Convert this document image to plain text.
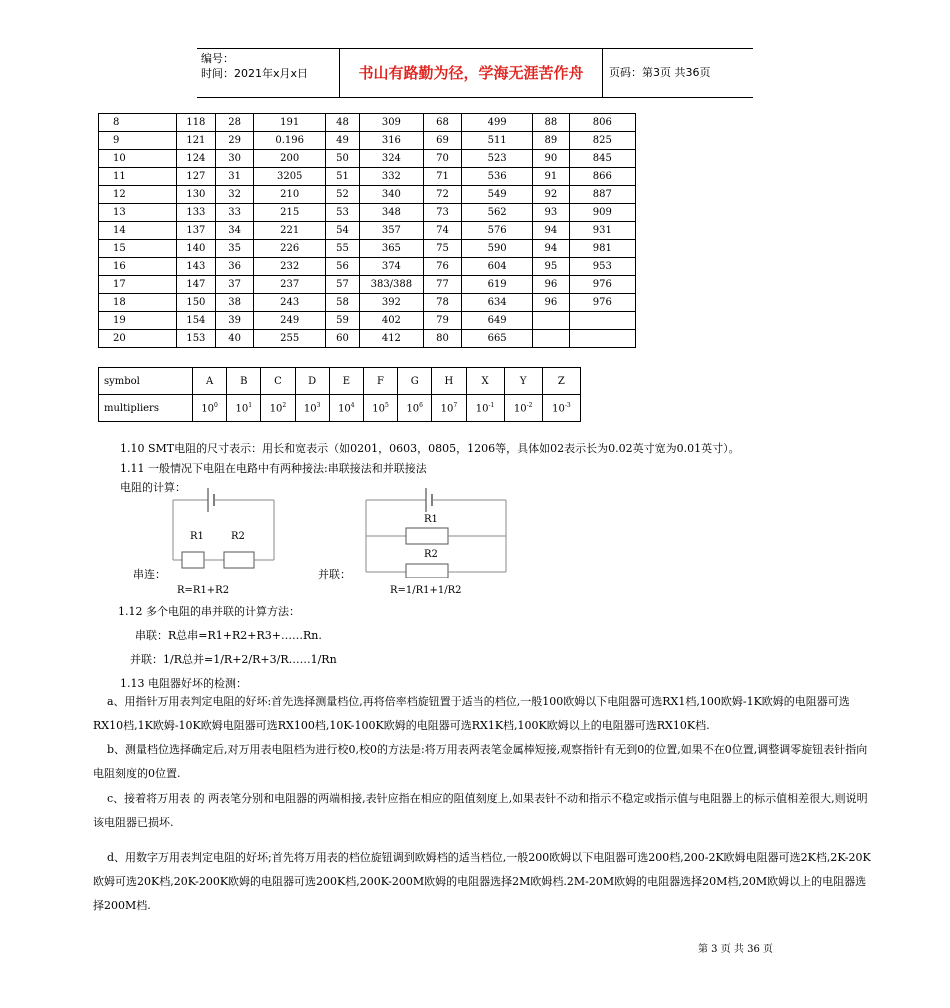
编号：
时间：2021年x月x日	书山有路勤为径，学海无涯苦作舟	页码：第3页 共36页
8	118	28	191	48	309	68	499	88	806
9	121	29	0.196	49	316	69	511	89	825
10	124	30	200	50	324	70	523	90	845
11	127	31	3205	51	332	71	536	91	866
12	130	32	210	52	340	72	549	92	887
13	133	33	215	53	348	73	562	93	909
14	137	34	221	54	357	74	576	94	931
15	140	35	226	55	365	75	590	94	981
16	143	36	232	56	374	76	604	95	953
17	147	37	237	57	383/388	77	619	96	976
18	150	38	243	58	392	78	634	96	976
19	154	39	249	59	402	79	649		
20	153	40	255	60	412	80	665		
symbol	A	B	C	D	E	F	G	H	X	Y	Z
multipliers	$10^0$	$10^1$	$10^2$	$10^3$	$10^4$	$10^5$	$10^6$	$10^7$	$10^{-1}$	$10^{-2}$	$10^{-3}$
1.10 SMT电阻的尺寸表示：用长和宽表示（如0201，0603，0805，1206等，具体如02表示长为0.02英寸宽为0.01英寸）。
1.11 一般情况下电阻在电路中有两种接法:串联接法和并联接法
电阻的计算：
R1	R2
串连：
R=R1+R2
R1
R2
并联：
R=1/R1+1/R2
1.12 多个电阻的串并联的计算方法：
串联：R总串=R1+R2+R3+……Rn.
并联：1/R总并=1/R+2/R+3/R……1/Rn
1.13 电阻器好坏的检测：
a、用指针万用表判定电阻的好坏:首先选择测量档位,再将倍率档旋钮置于适当的档位,一般100欧姆以下电阻器可选RX1档,100欧姆-1K欧姆的电阻器可选RX10档,1K欧姆-10K欧姆电阻器可选RX100档,10K-100K欧姆的电阻器可选RX1K档,100K欧姆以上的电阻器可选RX10K档.
b、测量档位选择确定后,对万用表电阻档为进行校0,校0的方法是:将万用表两表笔金属棒短接,观察指针有无到0的位置,如果不在0位置,调整调零旋钮表针指向电阻刻度的0位置.
c、接着将万用表 的 两表笔分别和电阻器的两端相接,表针应指在相应的阻值刻度上,如果表针不动和指示不稳定或指示值与电阻器上的标示值相差很大,则说明该电阻器已损坏.
d、用数字万用表判定电阻的好坏;首先将万用表的档位旋钮调到欧姆档的适当档位,一般200欧姆以下电阻器可选200档,200-2K欧姆电阻器可选2K档,2K-20K欧姆可选20K档,20K-200K欧姆的电阻器可选200K档,200K-200M欧姆的电阻器选择2M欧姆档.2M-20M欧姆的电阻器选择20M档,20M欧姆以上的电阻器选择200M档.
第 3 页 共 36 页
